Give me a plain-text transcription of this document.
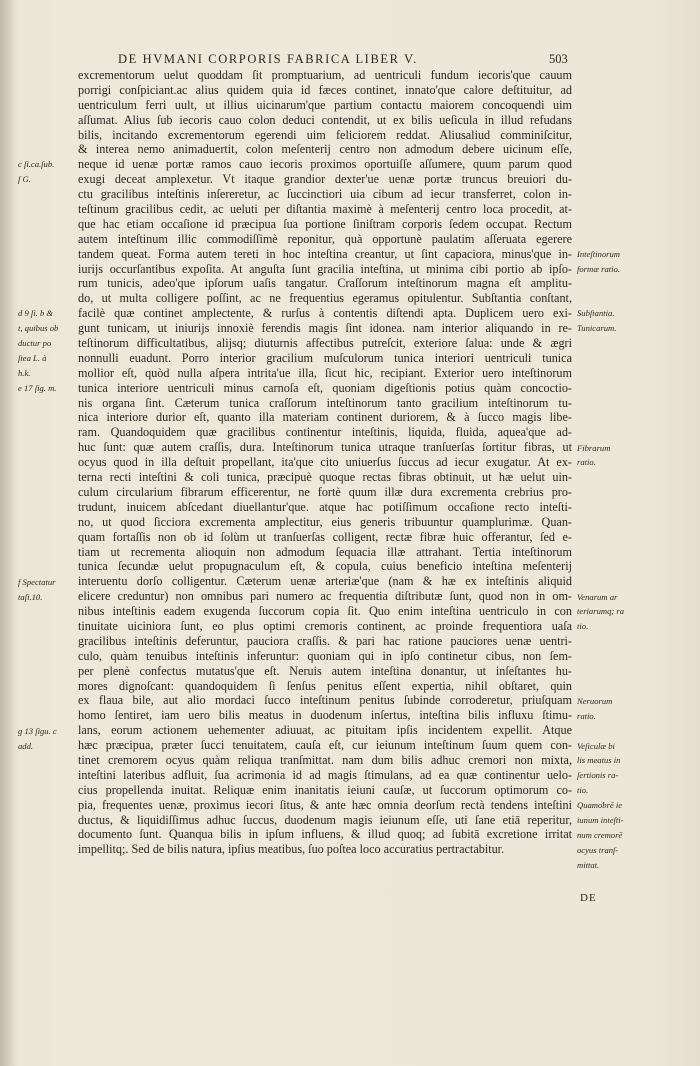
DE HVMANI CORPORIS FABRICA LIBER V.	503
excrementorum uelut quoddam ſit promptuarium, ad uentriculi fundum iecoris'que cauum
porrigi conſpiciant.ac alius quidem quia id fæces continet, innato'que calore deſtituitur, ad
uentriculum ferri uult, ut illius uicinarum'que partium contactu maiorem concoquendi uim
aſſumat. Alius ſub iecoris cauo colon deduci contendit, ut ex bilis ueſicula in illud refudans
bilis, incitando excrementorum egerendi uim feliciorem reddat. Aliusaliud comminiſcitur,
& interea nemo animaduertit, colon meſenterij centro non admodum debere uicinum eſſe,
neque id uenæ portæ ramos cauo iecoris proximos oportuiſſe aſſumere, quum parum quod
exugi deceat amplexetur. Vt itaque grandior dexter'ue uenæ portæ truncus breuiori du-
ctu gracilibus inteſtinis inſereretur, ac ſuccinctiori uia cibum ad iecur transferret, colon in-
teſtinum gracilibus cedit, ac ueluti per diſtantia maximè à meſenterij centro loca procedit, at-
que hac etiam occaſione id præcipua ſua portione ſiniſtram corporis ſedem occupat. Rectum
autem inteſtinum illic commodiſſimè reponitur, quà opportunè paulatim aſſeruata egerere
tandem queat. Forma autem tereti in hoc inteſtina creantur, ut ſint capaciora, minus'que in-
iurijs occurſantibus expoſita. At anguſta ſunt gracilia inteſtina, ut minima cibi portio ab ipſo-
rum tunicis, adeo'que ipſorum uaſis tangatur. Craſſorum inteſtinorum magna eſt amplitu-
do, ut multa colligere poſſint, ac ne frequentius egeramus opitulentur. Subſtantia conſtant,
facilè quæ continet amplectente, & rurſus à contentis diſtendi apta. Duplicem uero exi-
gunt tunicam, ut iniurijs innoxiè ferendis magis ſint idonea. nam interior aliquando in re-
teſtinorum difficultatibus, alijsq; diuturnis affectibus putreſcit, exteriore ſalua: unde & ægri
nonnulli euadunt. Porro interior gracilium muſculorum tunica interiori uentriculi tunica
mollior eſt, quòd nulla aſpera intrita'ue illa, ſicut hic, recipiant. Exterior uero inteſtinorum
tunica interiore uentriculi minus carnoſa eſt, quoniam digeſtionis potius quàm concoctio-
nis organa ſint. Cæterum tunica craſſorum inteſtinorum tanto gracilium inteſtinorum tu-
nica interiore durior eſt, quanto illa materiam continent duriorem, & à ſucco magis libe-
ram. Quandoquidem quæ gracilibus continentur inteſtinis, liquida, fluida, aquea'que ad-
huc ſunt: quæ autem craſſis, dura. Inteſtinorum tunica utraque tranſuerſas ſortitur fibras, ut
ocyus quod in illa deſtuit propellant, ita'que cito uniuerſus ſuccus ad iecur exugatur. At ex-
terna recti inteſtini & coli tunica, præcipuè quoque rectas fibras obtinuit, ut hæ uelut uin-
culum circularium fibrarum efficerentur, ne fortè quum illæ dura excrementa crebrius pro-
trudunt, inuicem abſcedant diuellantur'que. atque hac potiſſimum occaſione recto inteſti-
no, ut quod ſicciora excrementa amplectitur, eius generis tribuuntur quamplurimæ. Quan-
quam fortaſſis non ob id ſolùm ut tranſuerſas colligent, rectæ fibræ huic offerantur, ſed e-
tiam ut recrementa alioquin non admodum ſequacia illæ attrahant. Tertia inteſtinorum
tunica ſecundæ uelut propugnaculum eſt, & copula, cuius beneficio inteſtina meſenterij
interuentu dorſo colligentur. Cæterum uenæ arteriæ'que (nam & hæ ex inteſtinis aliquid
elicere creduntur) non omnibus pari numero ac frequentia diſtributæ ſunt, quod non in om-
nibus inteſtinis eadem exugenda ſuccorum copia ſit. Quo enim inteſtina uentriculo in con
tinuitate uiciniora ſunt, eo plus optimi cremoris continent, ac proinde frequentiora uaſa
gracilibus inteſtinis deferuntur, pauciora craſſis. & pari hac ratione pauciores uenæ uentri-
culo, quàm tenuibus inteſtinis inferuntur: quoniam qui in ipſo continetur cibus, non ſem-
per plenè confectus mutatus'que eſt. Neruis autem inteſtina donantur, ut inſeſtantes hu-
mores dignoſcant: quandoquidem ſi ſenſus penitus eſſent expertia, nihil obſtaret, quin
ex flaua bile, aut alio mordaci ſucco inteſtinum penitus ſubinde corroderetur, priuſquam
homo ſentiret, iam uero bilis meatus in duodenum inſertus, inteſtina bilis influxu ſtimu-
lans, eorum actionem uehementer adiuuat, ac pituitam ipſis incidentem expellit. Atque
hæc præcipua, præter ſucci tenuitatem, cauſa eſt, cur ieiunum inteſtinum ſuum quem con-
tinet cremorem ocyus quàm reliqua tranſmittat. nam dum bilis adhuc cremori non mixta,
inteſtini lateribus adfluit, ſua acrimonia id ad magis ſtimulans, ad ea quæ continentur uelo-
cius propellenda inuitat. Reliquæ enim inanitatis ieiuni cauſæ, ut ſuccorum optimorum co-
pia, frequentes uenæ, proximus iecori ſitus, & ante hæc omnia deorſum rectà tendens inteſtini
ductus, & liquidiſſimus adhuc ſuccus, duodenum magis ieiunum eſſe, uti ſane etiā reperitur,
documento ſunt. Quanqua bilis in ipſum influens, & illud quoq; ad ſubitā excretione irritat
impellitq;. Sed de bilis natura, ipſius meatibus, ſuo poſtea loco accuratius pertractabitur.
c ſi.ca.ſub.
ſ G.
d 9 ſi. b &
t, quibus ob
ductur po
ſtea L. à
h.k.
e 17 ſig. m.
f Spectatur
taſi.10.
g 13 ſigu. c
add.
Inteſtinorum
formæ ratio.
Subſtantia.
Tunicarum.
Fibrarum
ratio.
Venarum ar
teriarumq; ra
tio.
Neruorum
ratio.
Veſiculæ bi
lis meatus in
ſertionis ra-
tio.
Quamobrē ie
iunum inteſti-
num cremorē
ocyus tranſ-
mittat.
DE
